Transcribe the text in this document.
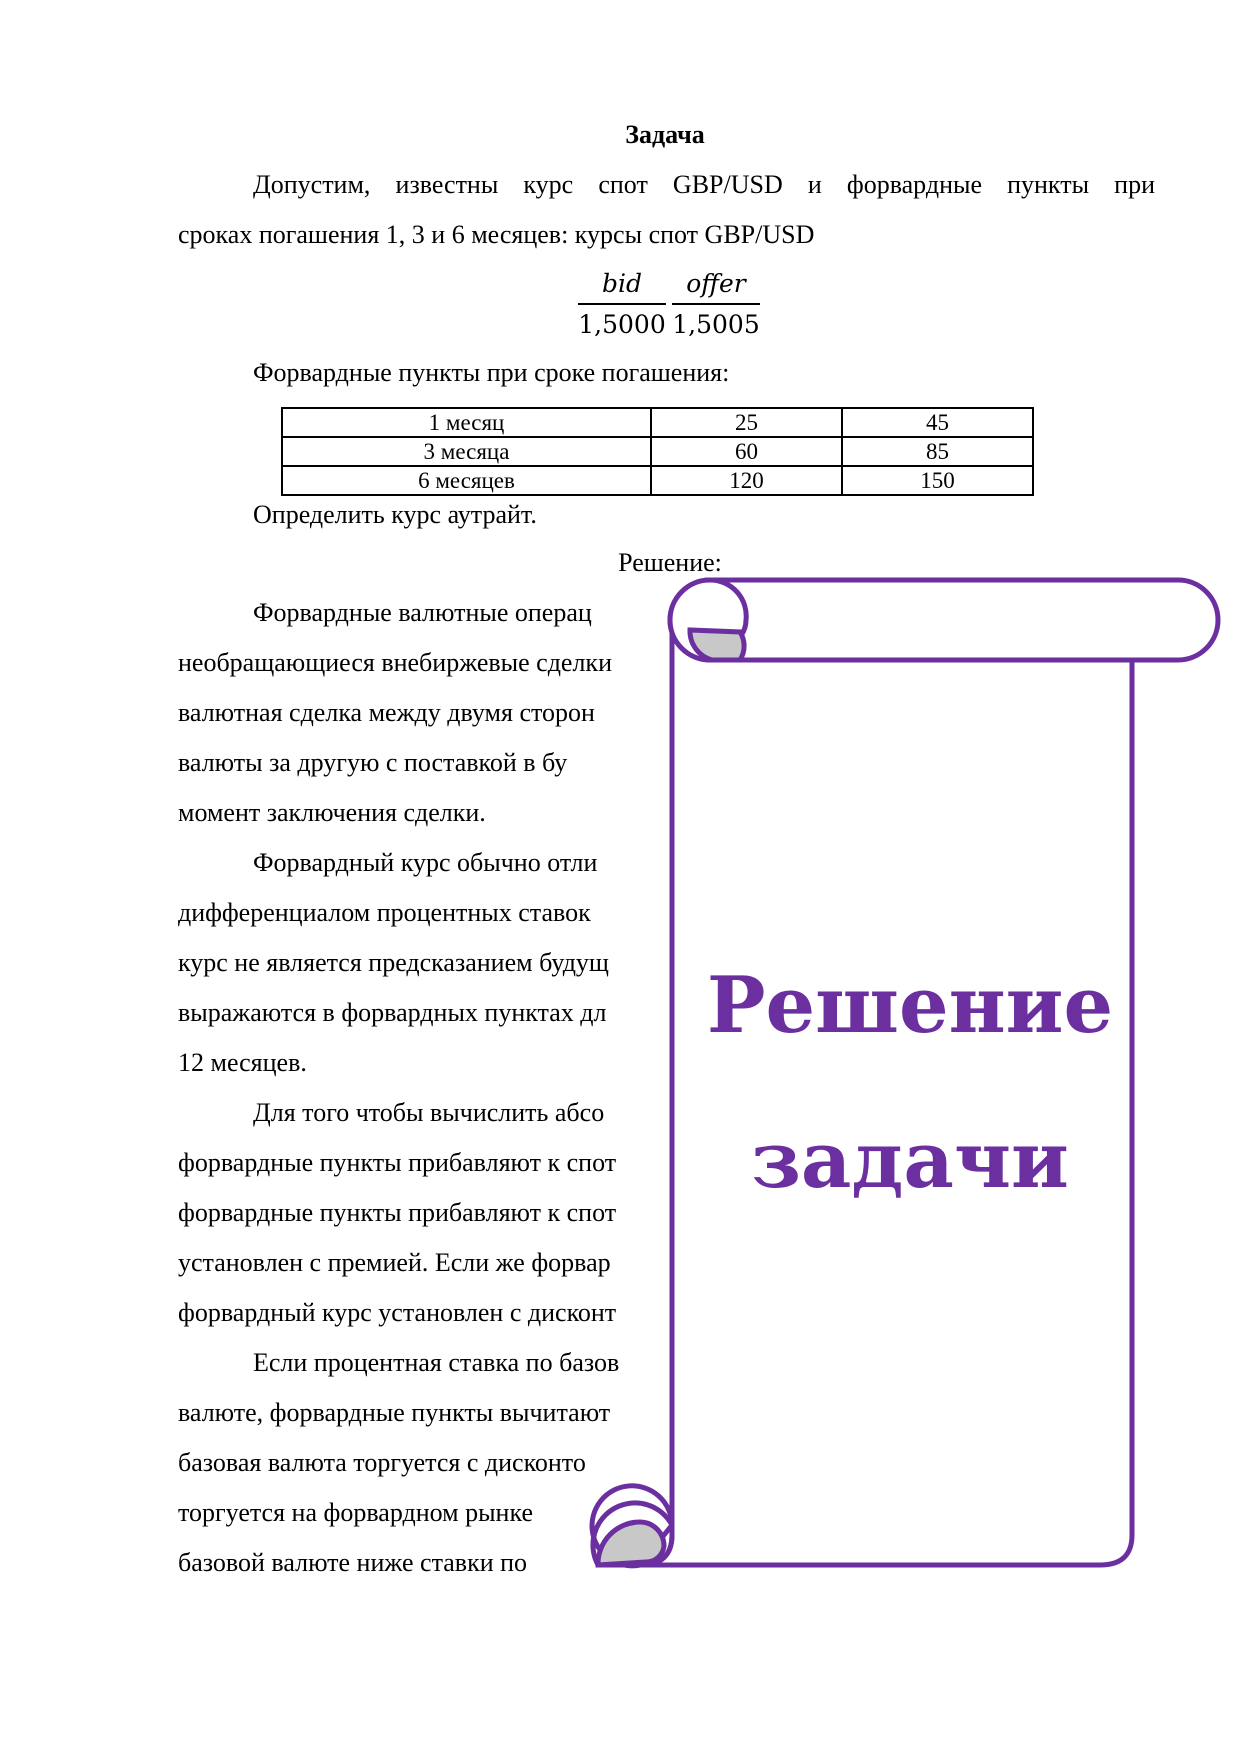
Задача
Допустим, известны курс спот GBP/USD и форвардные пункты при
сроках погашения 1, 3 и 6 месяцев: курсы спот GBP/USD
$\frac{\text{bid}}{1,5000} \frac{\text{offer}}{1,5005}$
Форвардные пункты при сроке погашения:
1 месяц	25	45
3 месяца	60	85
6 месяцев	120	150
Определить курс аутрайт.
Решение:
Форвардные валютные операц
необращающиеся внебиржевые сделки
валютная сделка между двумя сторон
валюты за другую с поставкой в бу
момент заключения сделки.
Форвардный курс обычно отли
дифференциалом процентных ставок
курс не является предсказанием будущ
выражаются в форвардных пунктах дл
12 месяцев.
Для того чтобы вычислить абсо
форвардные пункты прибавляют к спот
форвардные пункты прибавляют к спот
установлен с премией. Если же форвар
форвардный курс установлен с дисконт
Если процентная ставка по базов
валюте, форвардные пункты вычитают
базовая валюта торгуется с дисконто
торгуется на форвардном рынке
базовой валюте ниже ставки по
Решение
задачи
